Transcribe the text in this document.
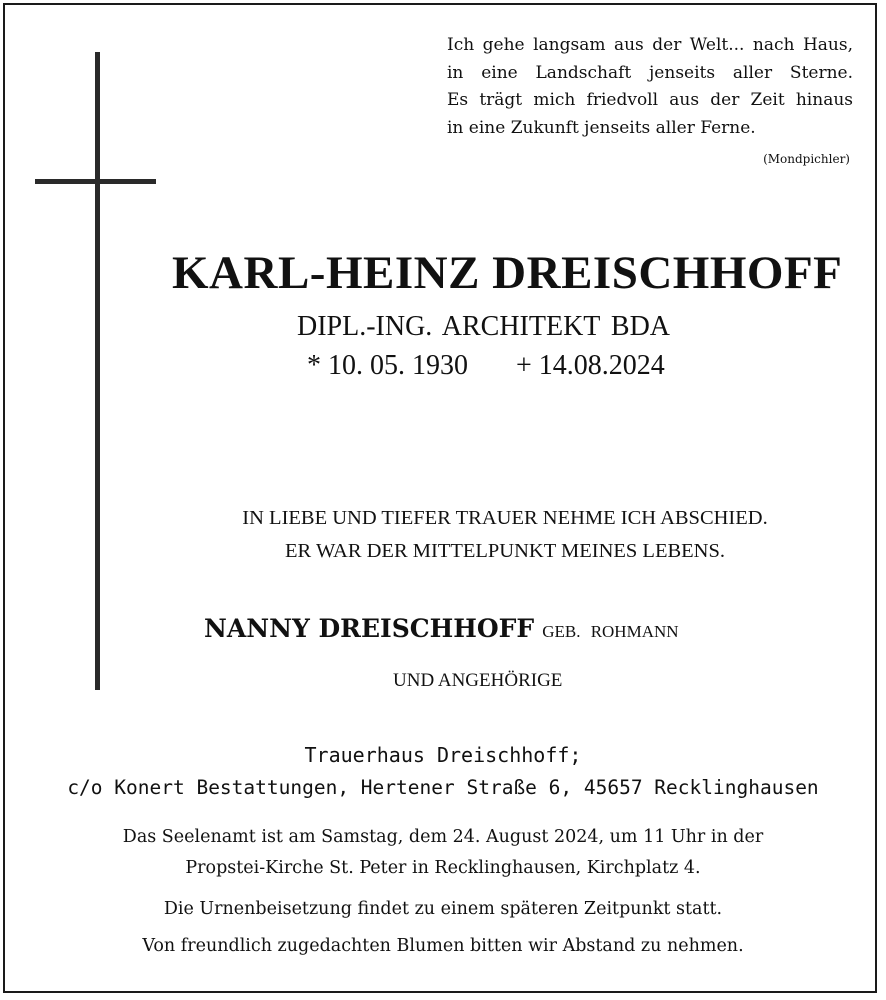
Ich gehe langsam aus der Welt... nach Haus,
in eine Landschaft jenseits aller Sterne.
Es trägt mich friedvoll aus der Zeit hinaus
in eine Zukunft jenseits aller Ferne.
(Mondpichler)
KARL-HEINZ DREISCHHOFF
DIPL.-ING. ARCHITEKT BDA
* 10. 05. 1930 + 14.08.2024
IN LIEBE UND TIEFER TRAUER NEHME ICH ABSCHIED.
ER WAR DER MITTELPUNKT MEINES LEBENS.
NANNY DREISCHHOFF GEB. ROHMANN
UND ANGEHÖRIGE
Trauerhaus Dreischhoff;
c/o Konert Bestattungen, Hertener Straße 6, 45657 Recklinghausen
Das Seelenamt ist am Samstag, dem 24. August 2024, um 11 Uhr in der
Propstei-Kirche St. Peter in Recklinghausen, Kirchplatz 4.
Die Urnenbeisetzung findet zu einem späteren Zeitpunkt statt.
Von freundlich zugedachten Blumen bitten wir Abstand zu nehmen.
